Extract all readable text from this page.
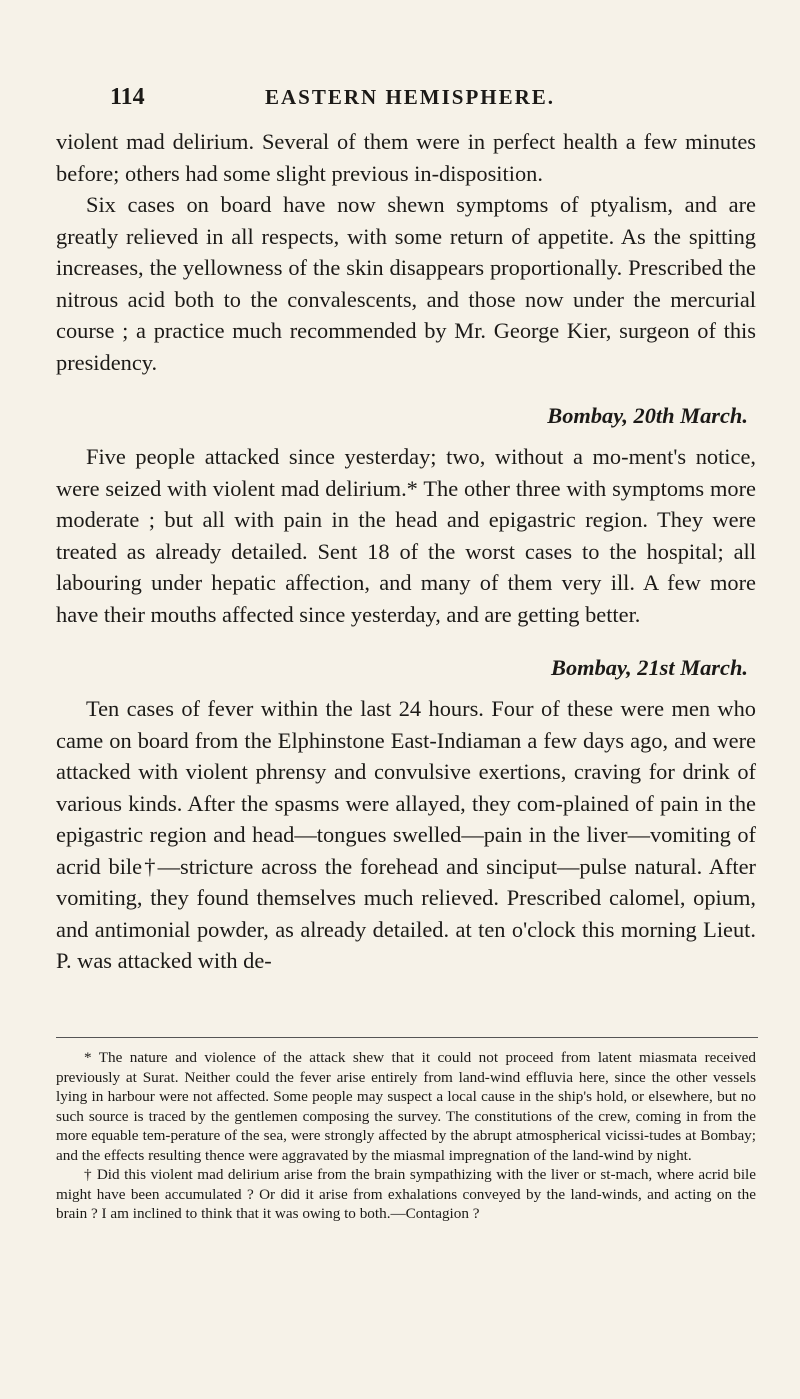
114	EASTERN HEMISPHERE.

violent mad delirium. Several of them were in perfect health a few minutes before; others had some slight previous in-disposition.

Six cases on board have now shewn symptoms of ptyalism, and are greatly relieved in all respects, with some return of appetite. As the spitting increases, the yellowness of the skin disappears proportionally. Prescribed the nitrous acid both to the convalescents, and those now under the mercurial course ; a practice much recommended by Mr. George Kier, surgeon of this presidency.

Bombay, 20th March.

Five people attacked since yesterday; two, without a mo-ment's notice, were seized with violent mad delirium.* The other three with symptoms more moderate ; but all with pain in the head and epigastric region. They were treated as already detailed. Sent 18 of the worst cases to the hospital; all labouring under hepatic affection, and many of them very ill. A few more have their mouths affected since yesterday, and are getting better.

Bombay, 21st March.

Ten cases of fever within the last 24 hours. Four of these were men who came on board from the Elphinstone East-Indiaman a few days ago, and were attacked with violent phrensy and convulsive exertions, craving for drink of various kinds. After the spasms were allayed, they com-plained of pain in the epigastric region and head—tongues swelled—pain in the liver—vomiting of acrid bile†—stricture across the forehead and sinciput—pulse natural. After vomiting, they found themselves much relieved. Prescribed calomel, opium, and antimonial powder, as already detailed. at ten o'clock this morning Lieut. P. was attacked with de-

* The nature and violence of the attack shew that it could not proceed from latent miasmata received previously at Surat. Neither could the fever arise entirely from land-wind effluvia here, since the other vessels lying in harbour were not affected. Some people may suspect a local cause in the ship's hold, or elsewhere, but no such source is traced by the gentlemen composing the survey. The constitutions of the crew, coming in from the more equable tem-perature of the sea, were strongly affected by the abrupt atmospherical vicissi-tudes at Bombay; and the effects resulting thence were aggravated by the miasmal impregnation of the land-wind by night.

† Did this violent mad delirium arise from the brain sympathizing with the liver or st-mach, where acrid bile might have been accumulated ? Or did it arise from exhalations conveyed by the land-winds, and acting on the brain ? I am inclined to think that it was owing to both.—Contagion ?
